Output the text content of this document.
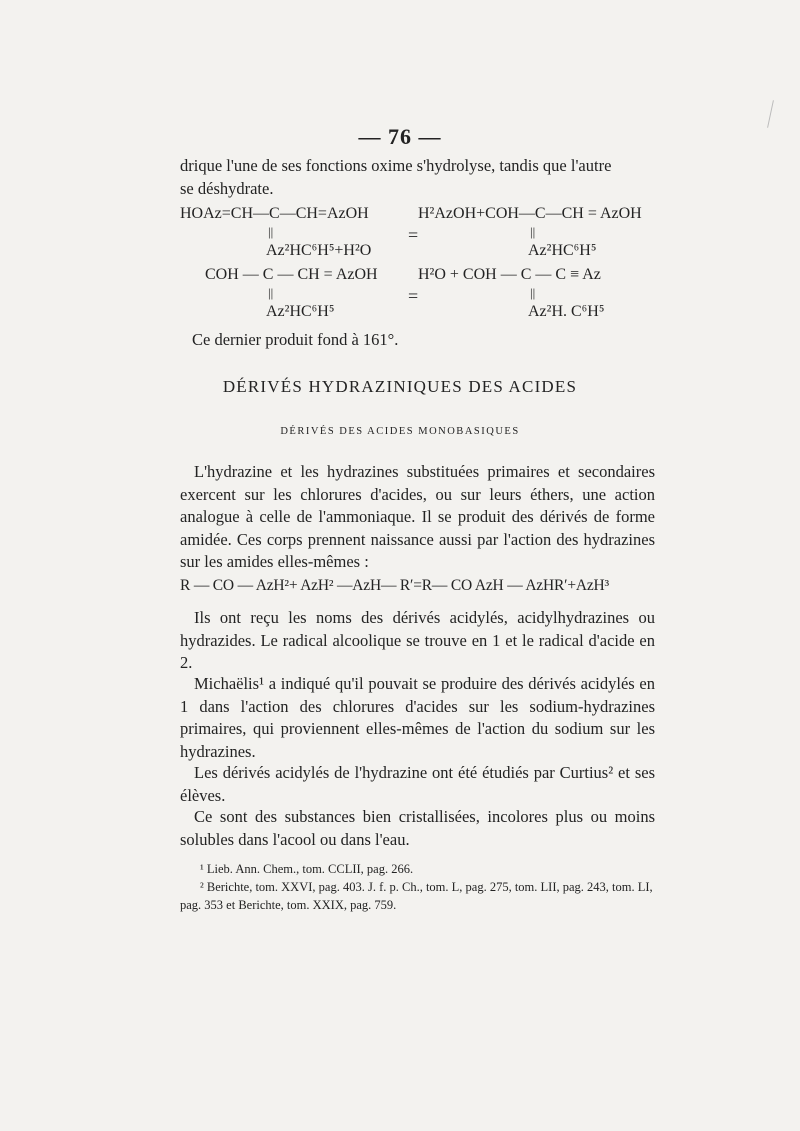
— 76 —

drique l'une de ses fonctions oxime s'hydrolyse, tandis que l'autre

se déshydrate.

HOAz=CH—C—CH=AzOH	H²AzOH+COH—C—CH = AzOH
||	=	||
Az²HC⁶H⁵+H²O	Az²HC⁶H⁵
COH — C — CH = AzOH	H²O + COH — C — C ≡ Az
||	=	||
Az²HC⁶H⁵	Az²H. C⁶H⁵
Ce dernier produit fond à 161°.
DÉRIVÉS HYDRAZINIQUES DES ACIDES
DÉRIVÉS DES ACIDES MONOBASIQUES

L'hydrazine et les hydrazines substituées primaires et secondaires exercent sur les chlorures d'acides, ou sur leurs éthers, une action analogue à celle de l'ammoniaque. Il se produit des dérivés de forme amidée. Ces corps prennent naissance aussi par l'action des hydrazines sur les amides elles-mêmes :

R — CO — AzH²+ AzH² —AzH— R′=R— CO AzH — AzHR′+AzH³

Ils ont reçu les noms des dérivés acidylés, acidylhydrazines ou hydrazides. Le radical alcoolique se trouve en 1 et le radical d'acide en 2.

Michaëlis¹ a indiqué qu'il pouvait se produire des dérivés acidylés en 1 dans l'action des chlorures d'acides sur les sodium-hydrazines primaires, qui proviennent elles-mêmes de l'action du sodium sur les hydrazines.

Les dérivés acidylés de l'hydrazine ont été étudiés par Curtius² et ses élèves.

Ce sont des substances bien cristallisées, incolores plus ou moins solubles dans l'acool ou dans l'eau.

¹ Lieb. Ann. Chem., tom. CCLII, pag. 266.

² Berichte, tom. XXVI, pag. 403. J. f. p. Ch., tom. L, pag. 275, tom. LII, pag. 243, tom. LI, pag. 353 et Berichte, tom. XXIX, pag. 759.
